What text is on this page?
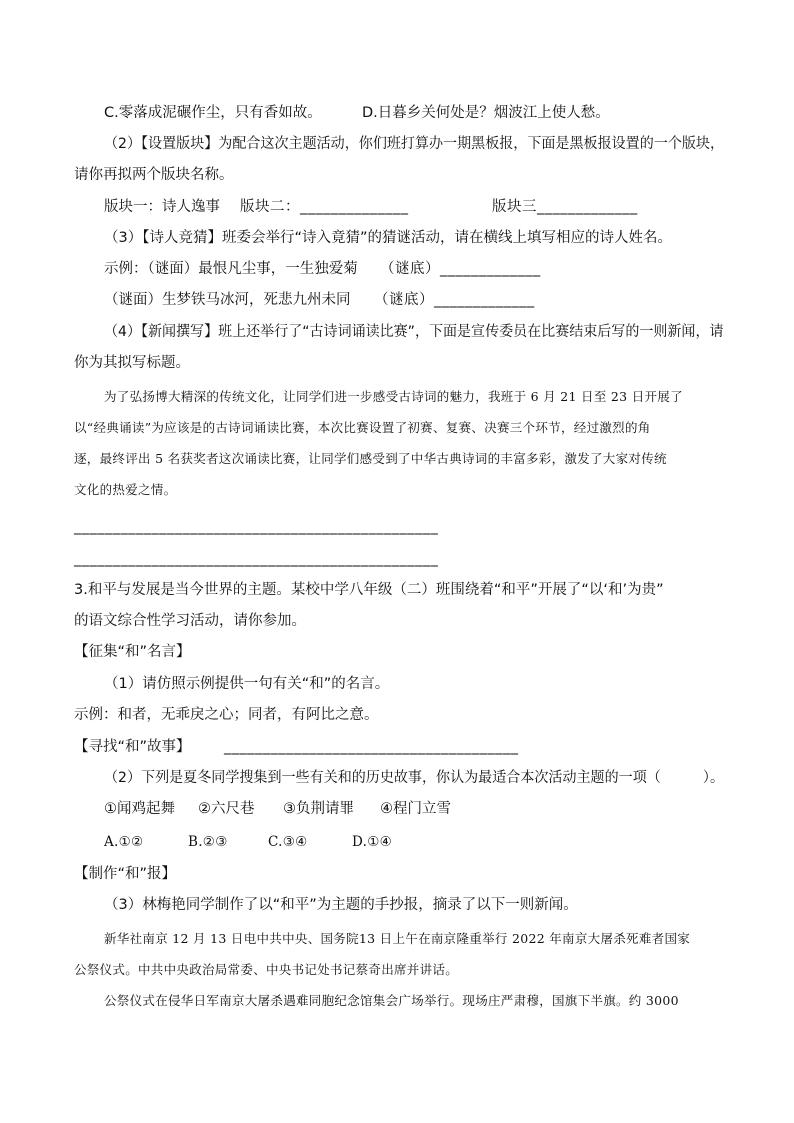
C.零落成泥碾作尘，只有香如故。	D.日暮乡关何处是？烟波江上使人愁。
（2）【设置版块】为配合这次主题活动，你们班打算办一期黑板报，下面是黑板报设置的一个版块，
请你再拟两个版块名称。
版块一：诗人逸事 版块二：______________	版块三_____________
（3）【诗人竞猜】班委会举行“诗入竟猜”的猜谜活动，请在横线上填写相应的诗人姓名。
示例：（谜面）最恨凡尘事，一生独爱菊 （谜底）_____________
（谜面）生梦铁马冰河，死悲九州未同 （谜底）_____________
（4）【新闻撰写】班上还举行了“古诗词诵读比赛”，下面是宣传委员在比赛结束后写的一则新闻，请
你为其拟写标题。
为了弘扬博大精深的传统文化，让同学们进一步感受古诗词的魅力，我班于 6 月 21 日至 23 日开展了
以“经典诵读”为应该是的古诗词诵读比赛，本次比赛设置了初赛、复赛、决赛三个环节，经过激烈的角
逐，最终评出 5 名获奖者这次诵读比赛，让同学们感受到了中华古典诗词的丰富多彩，激发了大家对传统
文化的热爱之情。
_______________________________________________
_______________________________________________
3.和平与发展是当今世界的主题。某校中学八年级（二）班围绕着“和平”开展了“以‘和’为贵”
的语文综合性学习活动，请你参加。
【征集“和”名言】
（1）请仿照示例提供一句有关“和”的名言。
示例：和者，无乖戾之心；同者，有阿比之意。
【寻找“和”故事】 ______________________________________
（2）下列是夏冬同学搜集到一些有关和的历史故事，你认为最适合本次活动主题的一项（　　　）。
①闻鸡起舞 ②六尺巷 ③负荆请罪 ④程门立雪
A.①②	B.②③	C.③④	D.①④
【制作“和”报】
（3）林梅艳同学制作了以“和平”为主题的手抄报，摘录了以下一则新闻。
新华社南京 12 月 13 日电中共中央、国务院13 日上午在南京隆重举行 2022 年南京大屠杀死难者国家
公祭仪式。中共中央政治局常委、中央书记处书记蔡奇出席并讲话。
公祭仪式在侵华日军南京大屠杀遇难同胞纪念馆集会广场举行。现场庄严肃穆，国旗下半旗。约 3000
